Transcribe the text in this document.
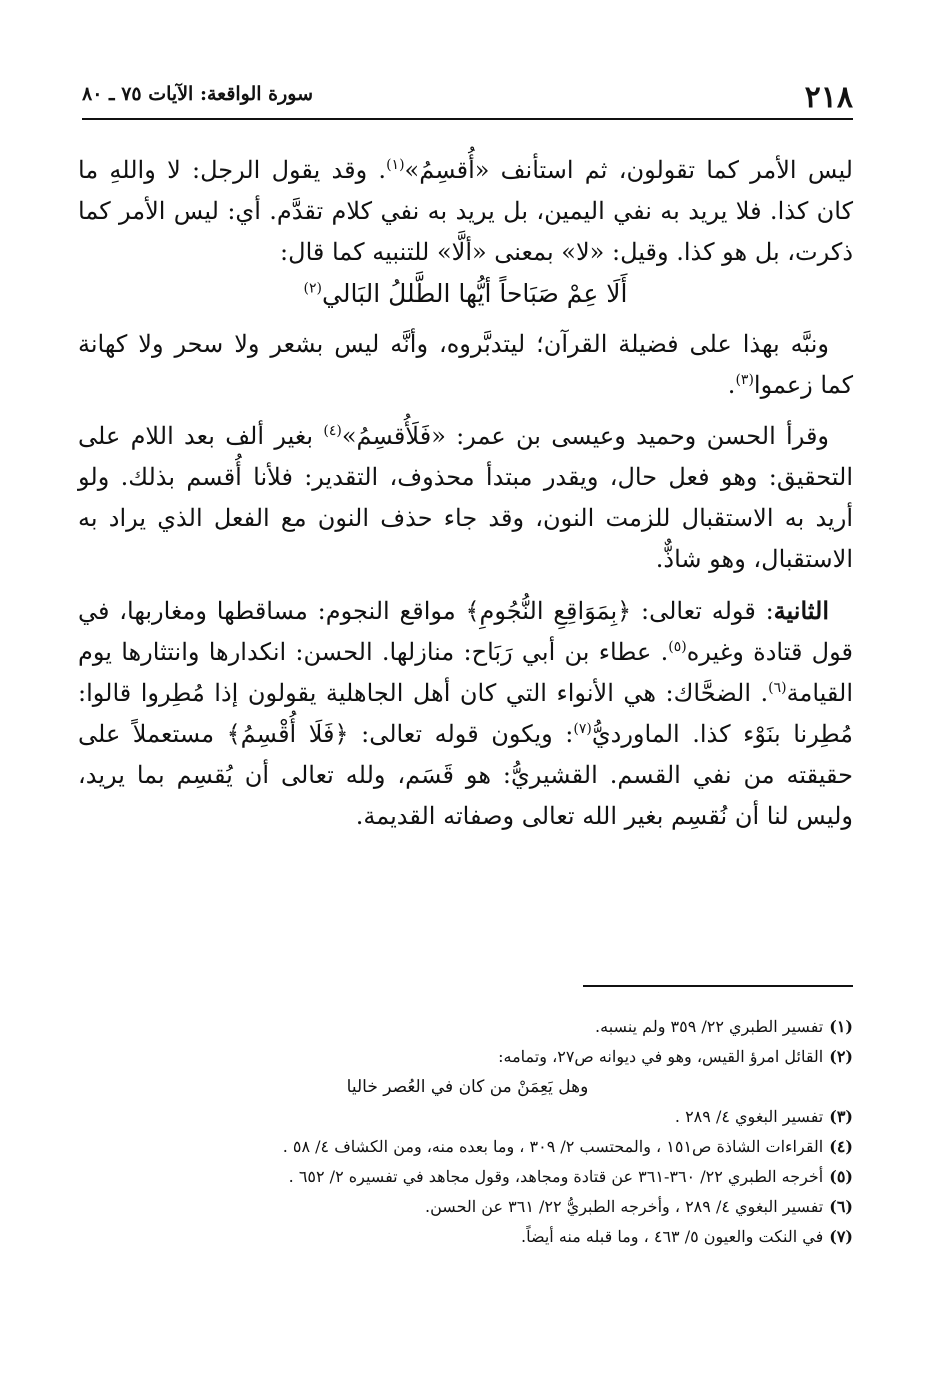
٢١٨
سورة الواقعة: الآيات ٧٥ ـ ٨٠

ليس الأمر كما تقولون، ثم استأنف «أُقسِمُ»$^{(١)}$. وقد يقول الرجل: لا واللهِ ما كان كذا. فلا يريد به نفي اليمين، بل يريد به نفي كلام تقدَّم. أي: ليس الأمر كما ذكرت، بل هو كذا. وقيل: «لا» بمعنى «ألَّا» للتنبيه كما قال:

أَلَا عِمْ صَبَاحاً أيُّها الطَّللُ البَالي$^{(٢)}$

ونبَّه بهذا على فضيلة القرآن؛ ليتدبَّروه، وأنَّه ليس بشعر ولا سحر ولا كهانة كما زعموا$^{(٣)}$.

وقرأ الحسن وحميد وعيسى بن عمر: «فَلَأُقسِمُ»$^{(٤)}$ بغير ألف بعد اللام على التحقيق: وهو فعل حال، ويقدر مبتدأ محذوف، التقدير: فلأنا أُقسم بذلك. ولو أريد به الاستقبال للزمت النون، وقد جاء حذف النون مع الفعل الذي يراد به الاستقبال، وهو شاذٌّ.

الثانية: قوله تعالى: ﴿بِمَوَاقِعِ النُّجُومِ﴾ مواقع النجوم: مساقطها ومغاربها، في قول قتادة وغيره$^{(٥)}$. عطاء بن أبي رَبَاح: منازلها. الحسن: انكدارها وانتثارها يوم القيامة$^{(٦)}$. الضحَّاك: هي الأنواء التي كان أهل الجاهلية يقولون إذا مُطِروا قالوا: مُطِرنا بنَوْء كذا. الماورديُّ$^{(٧)}$: ويكون قوله تعالى: ﴿فَلَا أُقْسِمُ﴾ مستعملاً على حقيقته من نفي القسم. القشيريُّ: هو قَسَم، ولله تعالى أن يُقسِم بما يريد، وليس لنا أن نُقسِم بغير الله تعالى وصفاته القديمة.

(١)تفسير الطبري ٢٢/ ٣٥٩ ولم ينسبه.

(٢)القائل امرؤ القيس، وهو في ديوانه ص٢٧، وتمامه:

وهل يَعِمَنْ من كان في العُصر خاليا

(٣)تفسير البغوي ٤/ ٢٨٩ .

(٤)القراءات الشاذة ص١٥١ ، والمحتسب ٢/ ٣٠٩ ، وما بعده منه، ومن الكشاف ٤/ ٥٨ .

(٥)أخرجه الطبري ٢٢/ ٣٦٠-٣٦١ عن قتادة ومجاهد، وقول مجاهد في تفسيره ٢/ ٦٥٢ .

(٦)تفسير البغوي ٤/ ٢٨٩ ، وأخرجه الطبريُّ ٢٢/ ٣٦١ عن الحسن.

(٧)في النكت والعيون ٥/ ٤٦٣ ، وما قبله منه أيضاً.
